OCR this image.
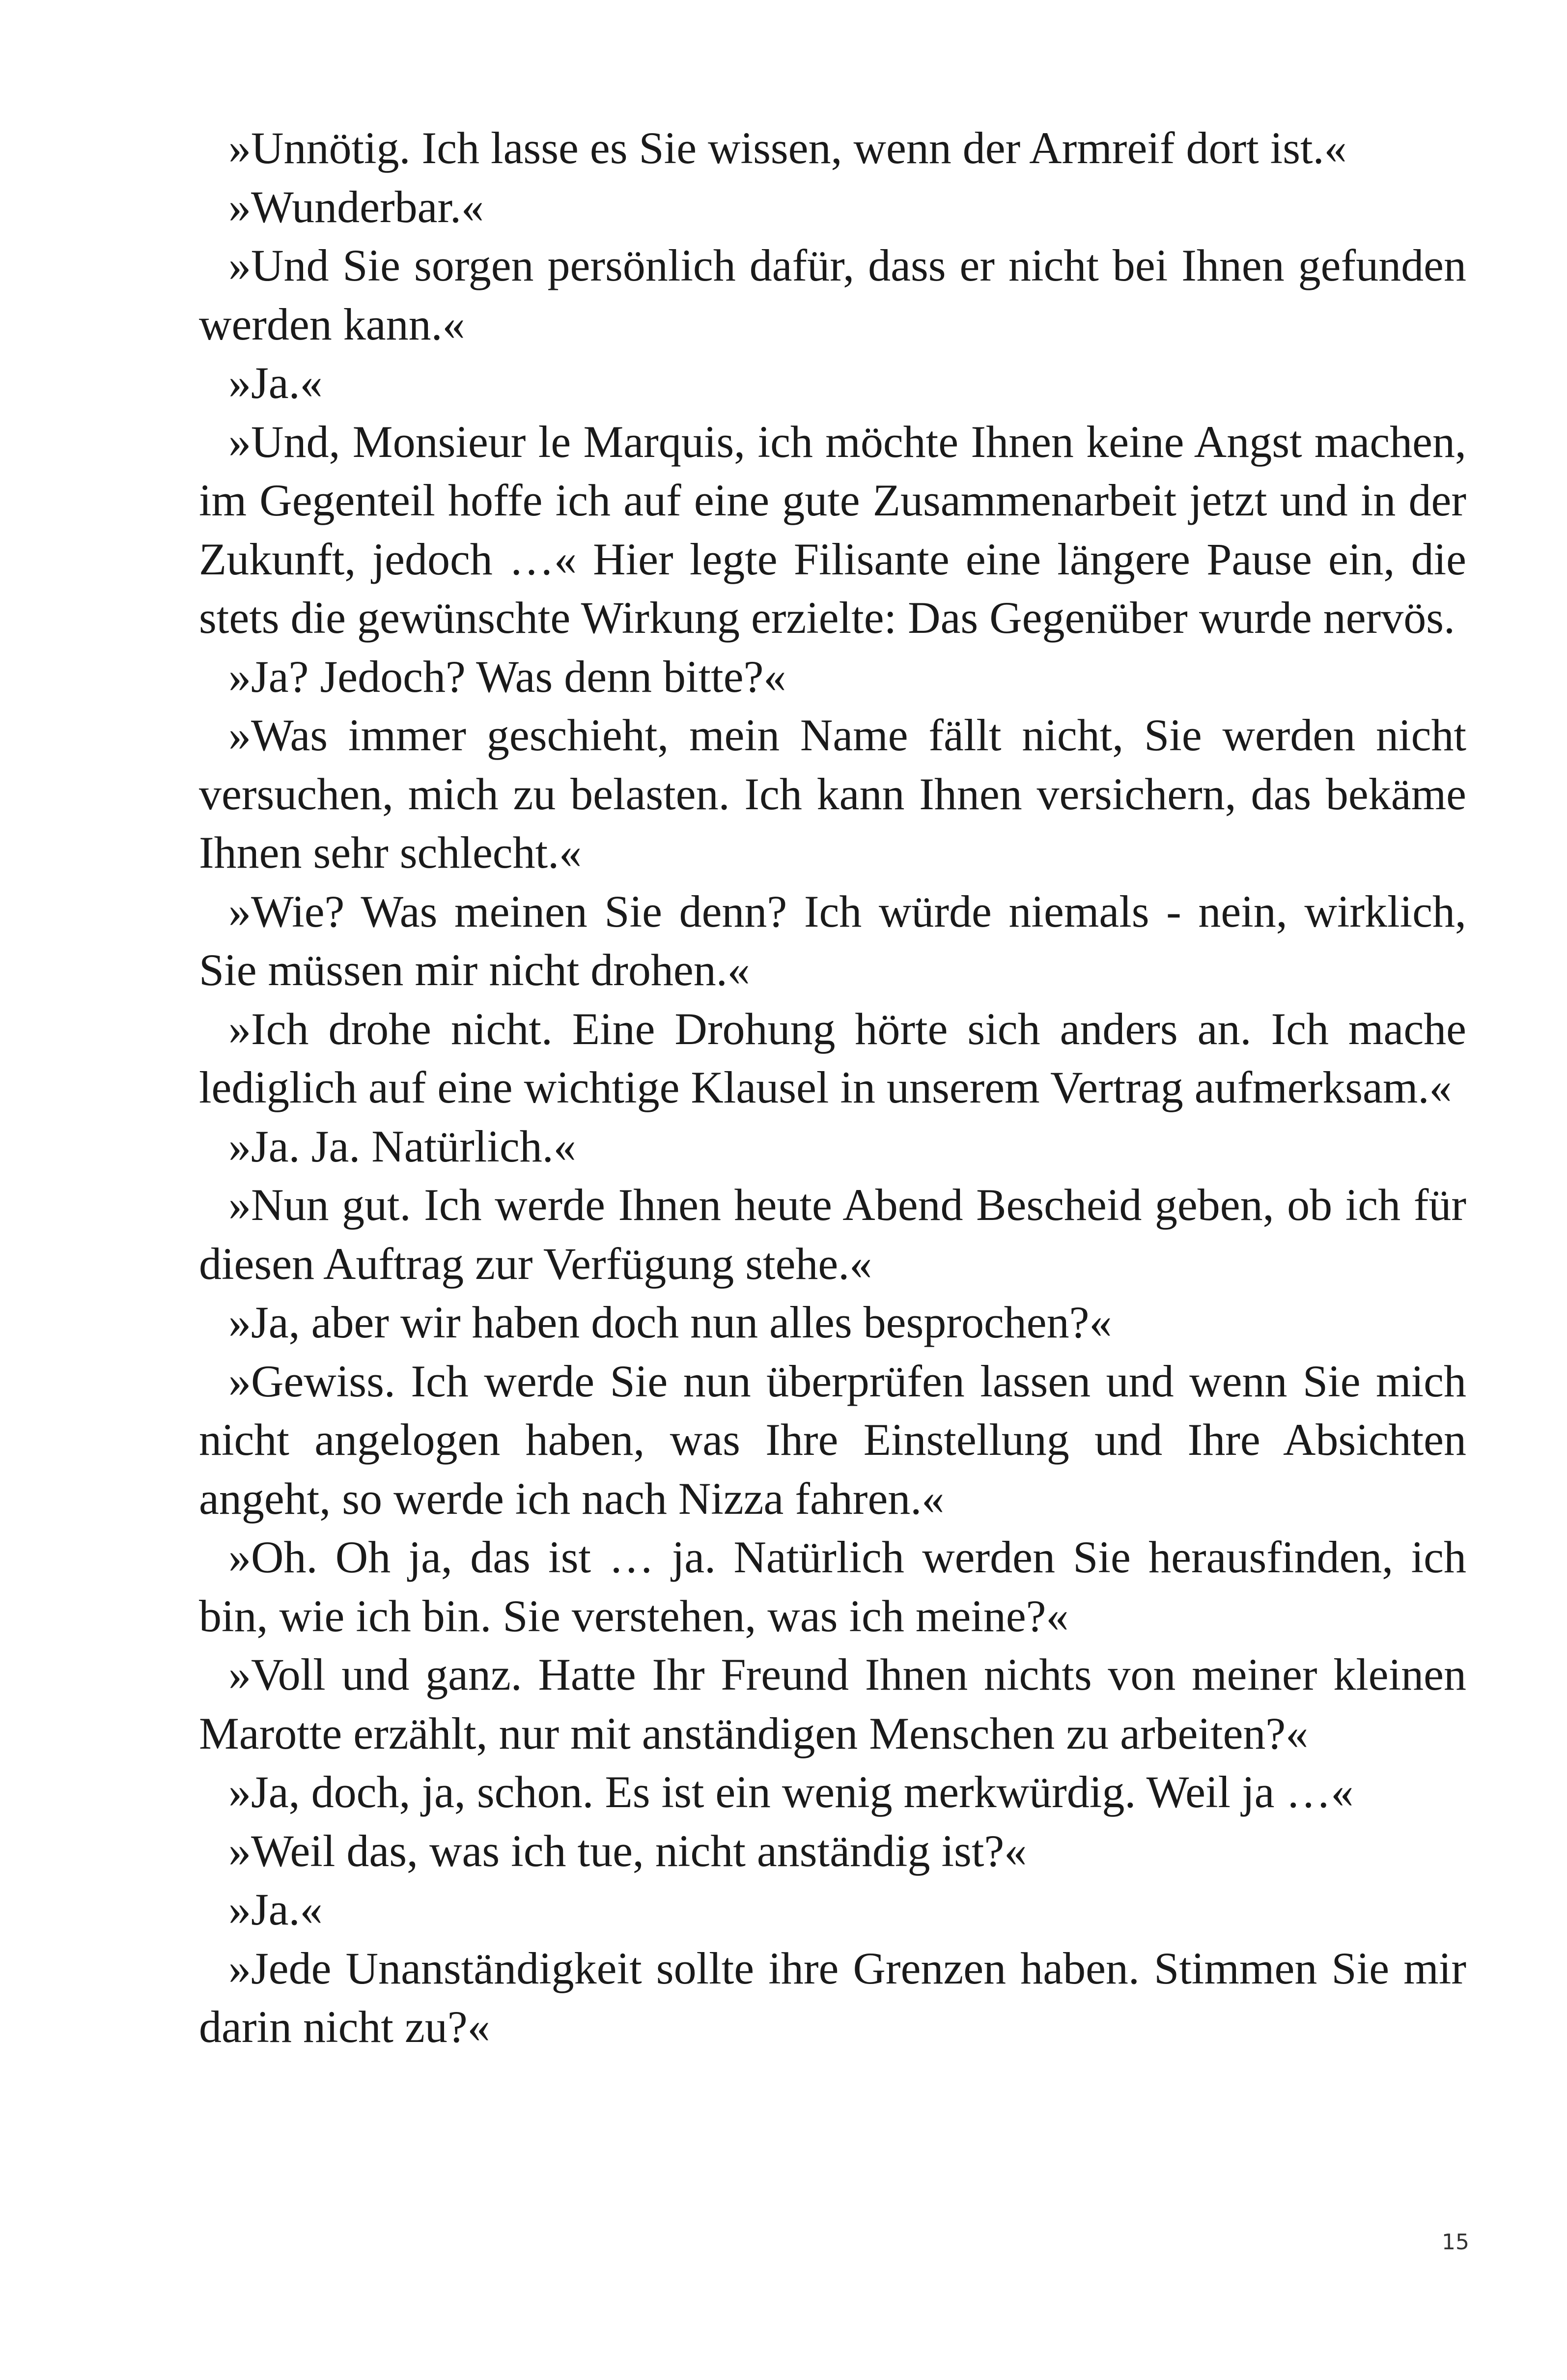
»Unnötig. Ich lasse es Sie wissen, wenn der Armreif dort ist.«

»Wunderbar.«

»Und Sie sorgen persönlich dafür, dass er nicht bei Ihnen gefunden werden kann.«

»Ja.«

»Und, Monsieur le Marquis, ich möchte Ihnen keine Angst machen, im Gegenteil hoffe ich auf eine gute Zusammenarbeit jetzt und in der Zukunft, jedoch …« Hier legte Filisante eine längere Pause ein, die stets die gewünschte Wirkung erzielte: Das Gegenüber wurde nervös.

»Ja? Jedoch? Was denn bitte?«

»Was immer geschieht, mein Name fällt nicht, Sie werden nicht versuchen, mich zu belasten. Ich kann Ihnen versichern, das bekäme Ihnen sehr schlecht.«

»Wie? Was meinen Sie denn? Ich würde niemals - nein, wirklich, Sie müssen mir nicht drohen.«

»Ich drohe nicht. Eine Drohung hörte sich anders an. Ich mache lediglich auf eine wichtige Klausel in unserem Vertrag aufmerksam.«

»Ja. Ja. Natürlich.«

»Nun gut. Ich werde Ihnen heute Abend Bescheid geben, ob ich für diesen Auftrag zur Verfügung stehe.«

»Ja, aber wir haben doch nun alles besprochen?«

»Gewiss. Ich werde Sie nun überprüfen lassen und wenn Sie mich nicht angelogen haben, was Ihre Einstellung und Ihre Absichten angeht, so werde ich nach Nizza fahren.«

»Oh. Oh ja, das ist … ja. Natürlich werden Sie herausfinden, ich bin, wie ich bin. Sie verstehen, was ich meine?«

»Voll und ganz. Hatte Ihr Freund Ihnen nichts von meiner kleinen Marotte erzählt, nur mit anständigen Menschen zu arbeiten?«

»Ja, doch, ja, schon. Es ist ein wenig merkwürdig. Weil ja …«

»Weil das, was ich tue, nicht anständig ist?«

»Ja.«

»Jede Unanständigkeit sollte ihre Grenzen haben. Stimmen Sie mir darin nicht zu?«

15
